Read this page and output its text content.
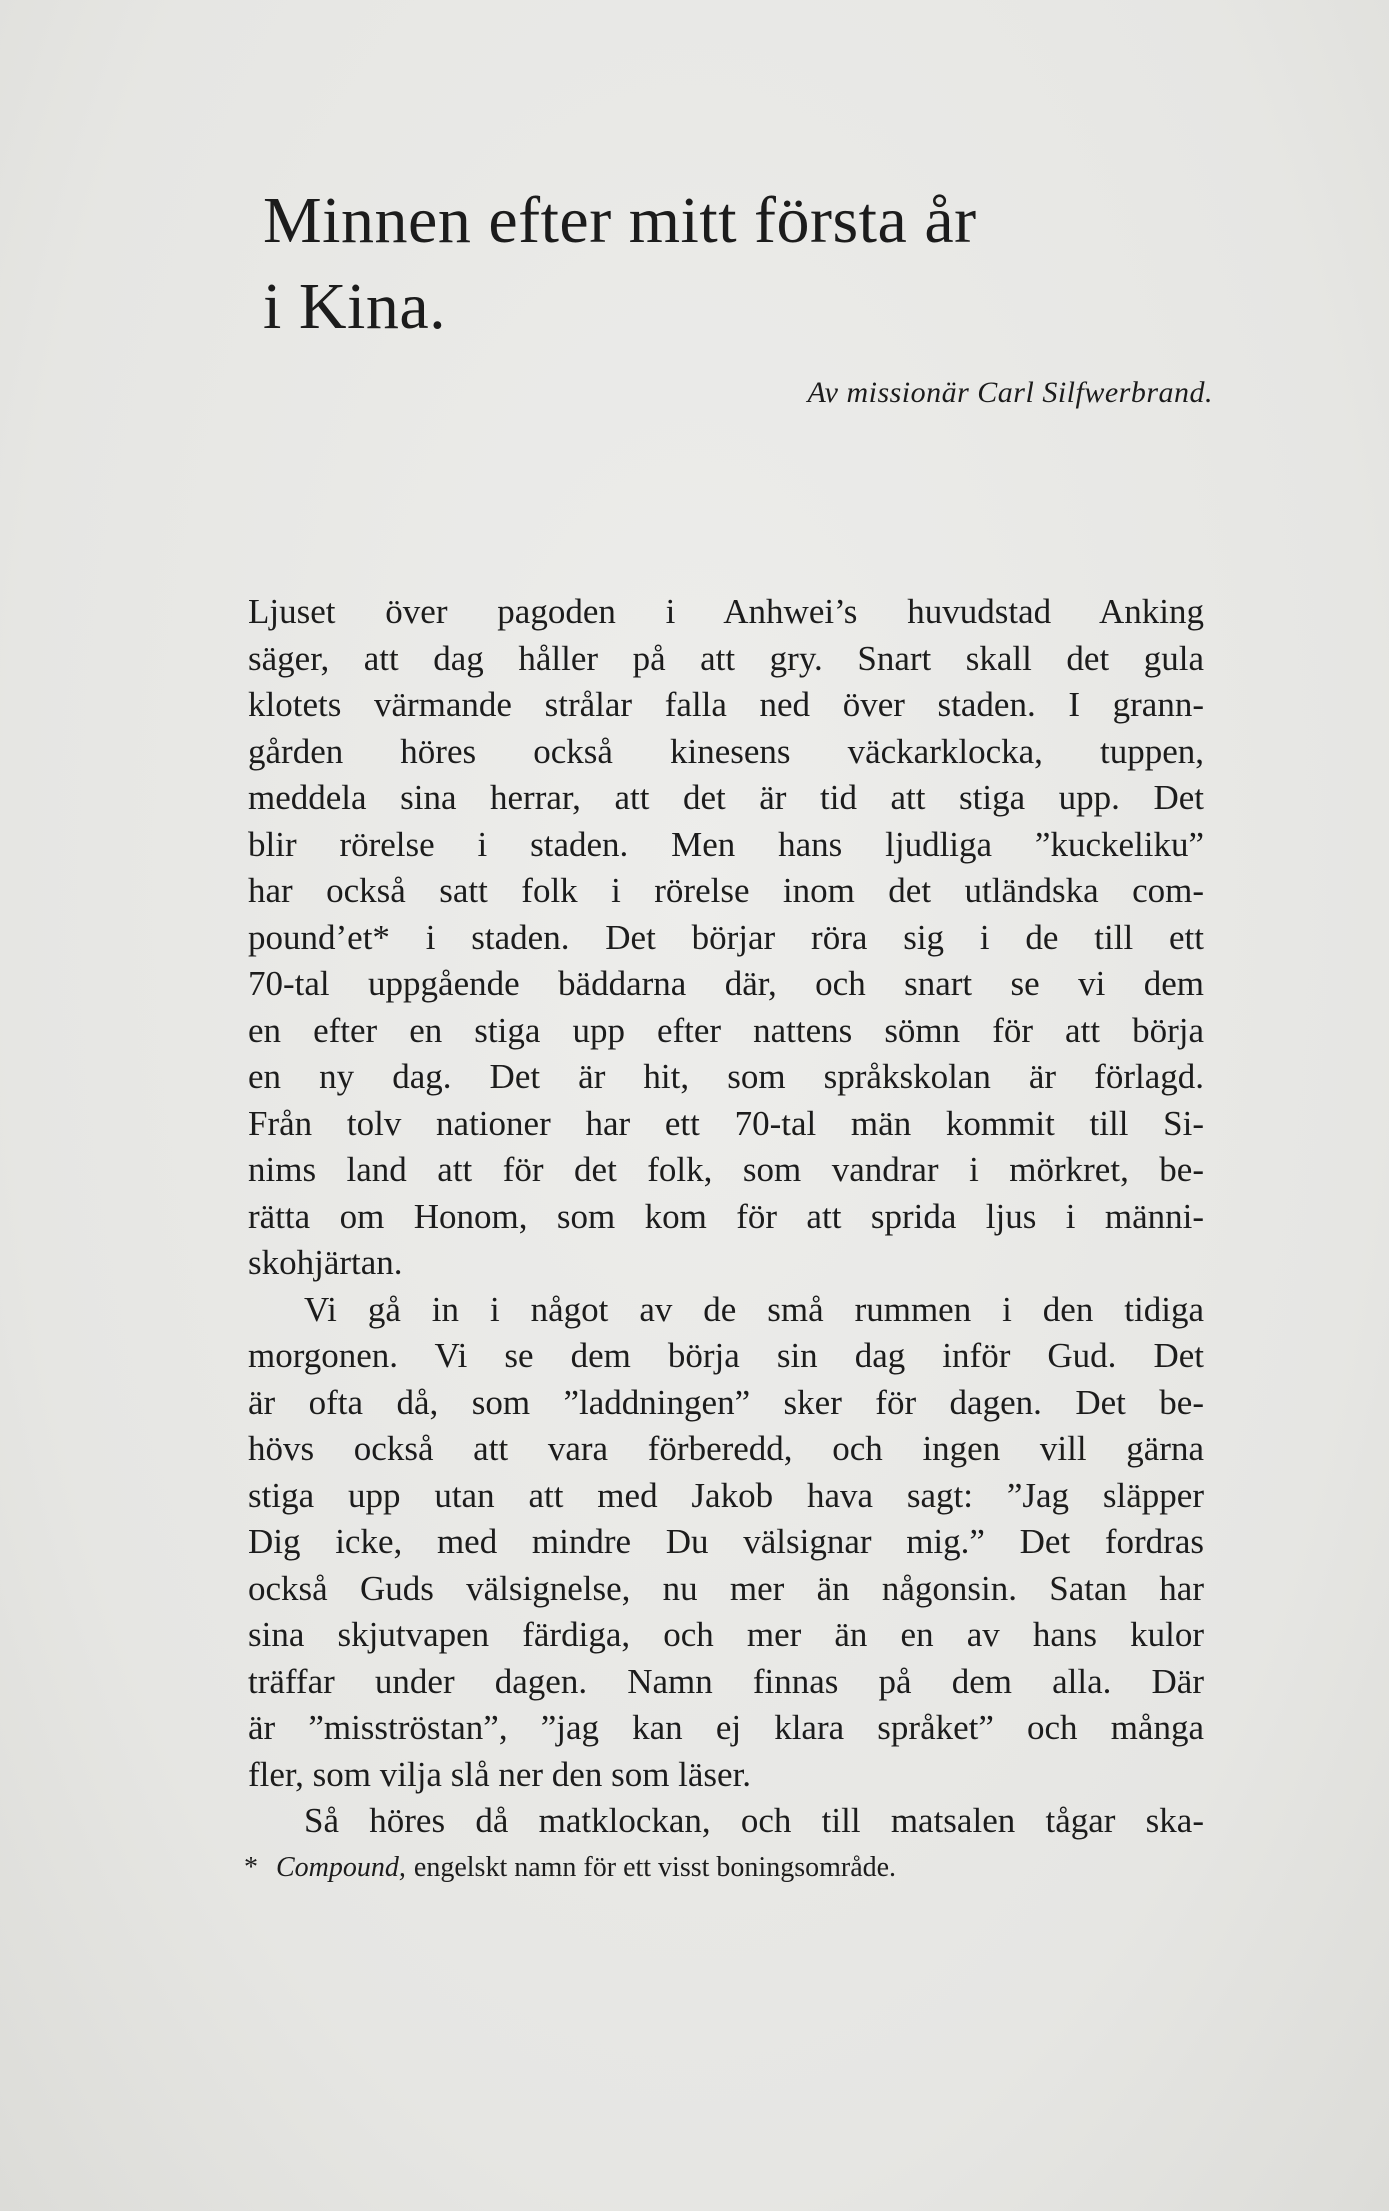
Minnen efter mitt första år
i Kina.
Av missionär Carl Silfwerbrand.
Ljuset över pagoden i Anhwei’s huvudstad Anking
säger, att dag håller på att gry. Snart skall det gula
klotets värmande strålar falla ned över staden. I grann-
gården höres också kinesens väckarklocka, tuppen,
meddela sina herrar, att det är tid att stiga upp. Det
blir rörelse i staden. Men hans ljudliga ”kuckeliku”
har också satt folk i rörelse inom det utländska com-
pound’et* i staden. Det börjar röra sig i de till ett
70-tal uppgående bäddarna där, och snart se vi dem
en efter en stiga upp efter nattens sömn för att börja
en ny dag. Det är hit, som språkskolan är förlagd.
Från tolv nationer har ett 70-tal män kommit till Si-
nims land att för det folk, som vandrar i mörkret, be-
rätta om Honom, som kom för att sprida ljus i männi-
skohjärtan.
Vi gå in i något av de små rummen i den tidiga
morgonen. Vi se dem börja sin dag inför Gud. Det
är ofta då, som ”laddningen” sker för dagen. Det be-
hövs också att vara förberedd, och ingen vill gärna
stiga upp utan att med Jakob hava sagt: ”Jag släpper
Dig icke, med mindre Du välsignar mig.” Det fordras
också Guds välsignelse, nu mer än någonsin. Satan har
sina skjutvapen färdiga, och mer än en av hans kulor
träffar under dagen. Namn finnas på dem alla. Där
är ”misströstan”, ”jag kan ej klara språket” och många
fler, som vilja slå ner den som läser.
Så höres då matklockan, och till matsalen tågar ska-
* Compound, engelskt namn för ett visst boningsområde.
